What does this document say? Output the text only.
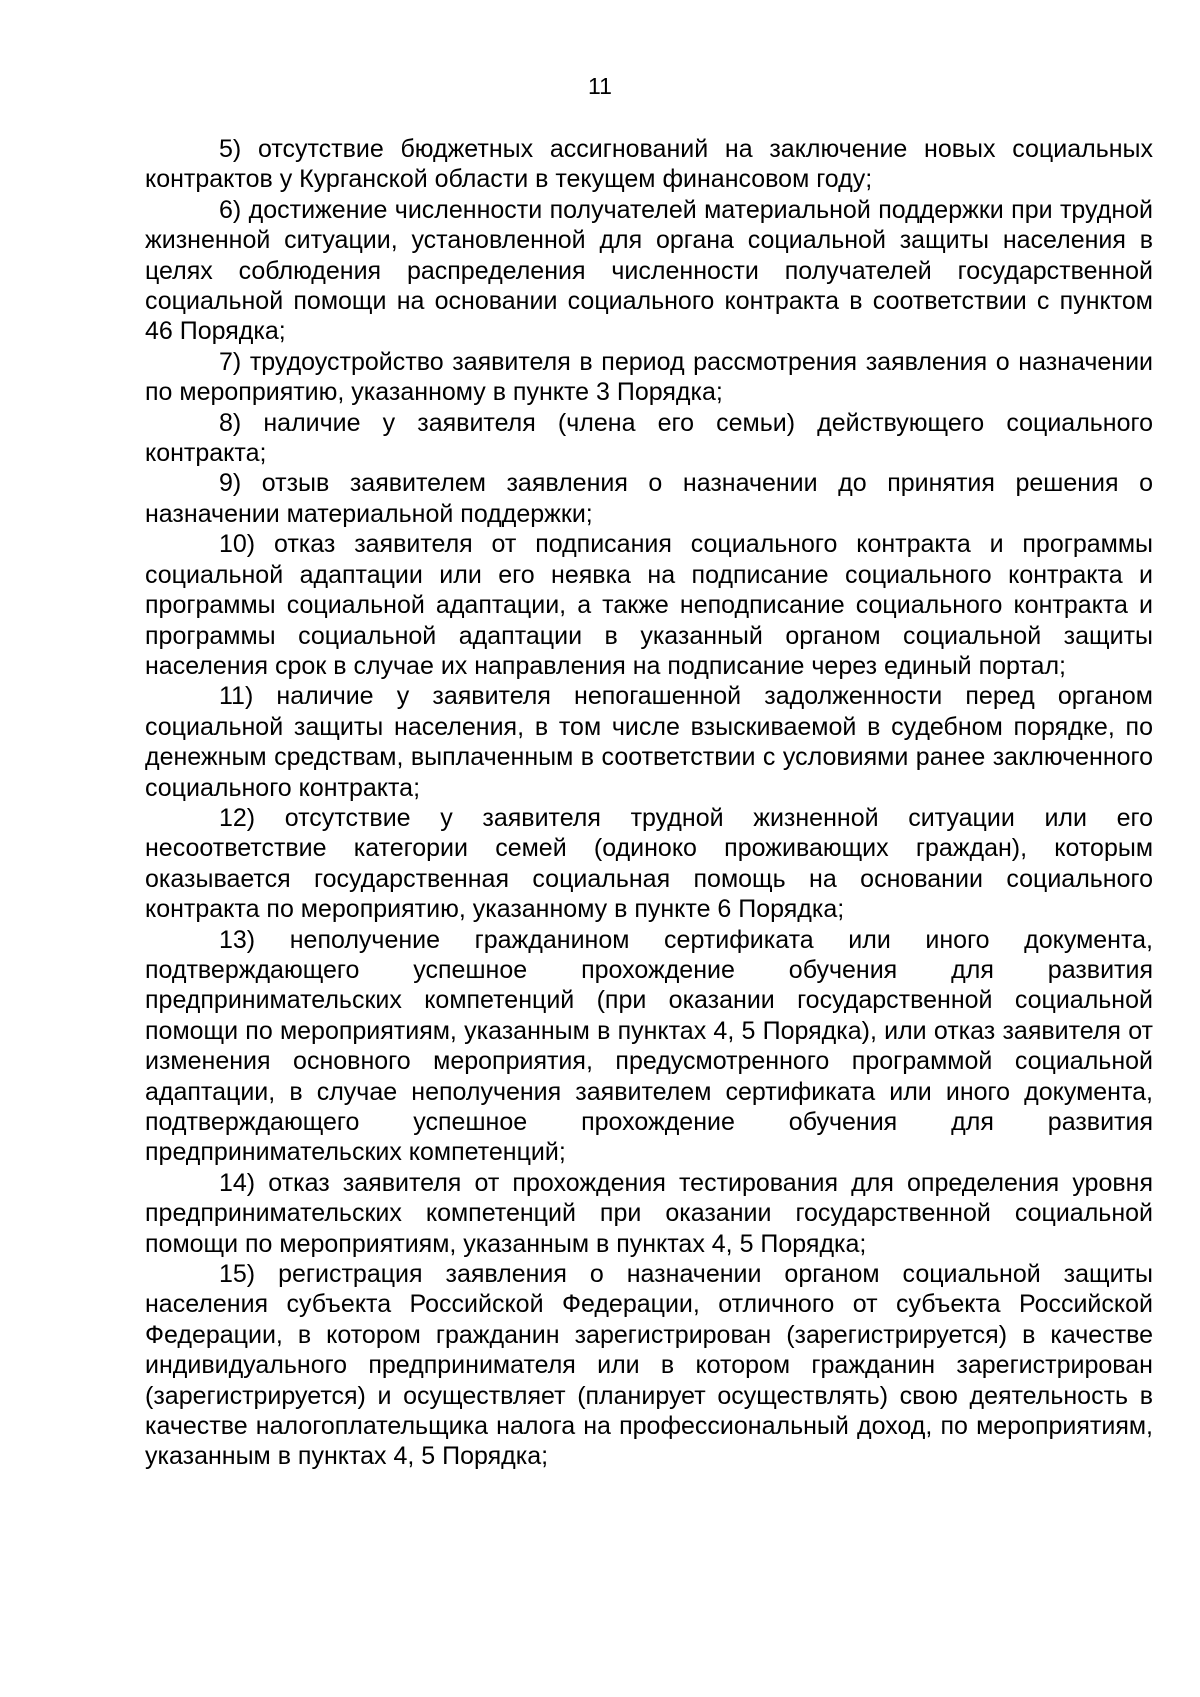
11

5) отсутствие бюджетных ассигнований на заключение новых социальных контрактов у Курганской области в текущем финансовом году;

6) достижение численности получателей материальной поддержки при трудной жизненной ситуации, установленной для органа социальной защиты населения в целях соблюдения распределения численности получателей государственной социальной помощи на основании социального контракта в соответствии с пунктом 46 Порядка;

7) трудоустройство заявителя в период рассмотрения заявления о назначении по мероприятию, указанному в пункте 3 Порядка;

8) наличие у заявителя (члена его семьи) действующего социального контракта;

9) отзыв заявителем заявления о назначении до принятия решения о назначении материальной поддержки;

10) отказ заявителя от подписания социального контракта и программы социальной адаптации или его неявка на подписание социального контракта и программы социальной адаптации, а также неподписание социального контракта и программы социальной адаптации в указанный органом социальной защиты населения срок в случае их направления на подписание через единый портал;

11) наличие у заявителя непогашенной задолженности перед органом социальной защиты населения, в том числе взыскиваемой в судебном порядке, по денежным средствам, выплаченным в соответствии с условиями ранее заключенного социального контракта;

12) отсутствие у заявителя трудной жизненной ситуации или его несоответствие категории семей (одиноко проживающих граждан), которым оказывается государственная социальная помощь на основании социального контракта по мероприятию, указанному в пункте 6 Порядка;

13) неполучение гражданином сертификата или иного документа, подтверждающего успешное прохождение обучения для развития предпринимательских компетенций (при оказании государственной социальной помощи по мероприятиям, указанным в пунктах 4, 5 Порядка), или отказ заявителя от изменения основного мероприятия, предусмотренного программой социальной адаптации, в случае неполучения заявителем сертификата или иного документа, подтверждающего успешное прохождение обучения для развития предпринимательских компетенций;

14) отказ заявителя от прохождения тестирования для определения уровня предпринимательских компетенций при оказании государственной социальной помощи по мероприятиям, указанным в пунктах 4, 5 Порядка;

15) регистрация заявления о назначении органом социальной защиты населения субъекта Российской Федерации, отличного от субъекта Российской Федерации, в котором гражданин зарегистрирован (зарегистрируется) в качестве индивидуального предпринимателя или в котором гражданин зарегистрирован (зарегистрируется) и осуществляет (планирует осуществлять) свою деятельность в качестве налогоплательщика налога на профессиональный доход, по мероприятиям, указанным в пунктах 4, 5 Порядка;
